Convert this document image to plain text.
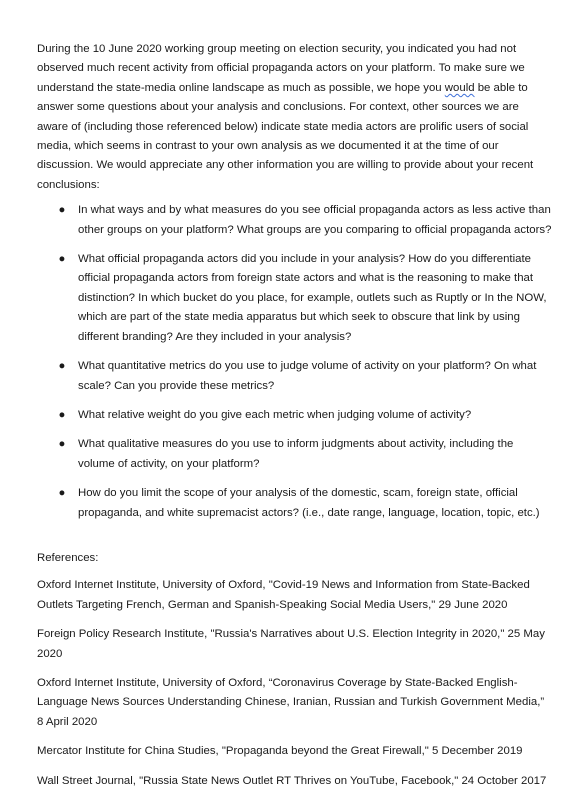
During the 10 June 2020 working group meeting on election security, you indicated you had not observed much recent activity from official propaganda actors on your platform. To make sure we understand the state-media online landscape as much as possible, we hope you would be able to answer some questions about your analysis and conclusions. For context, other sources we are aware of (including those referenced below) indicate state media actors are prolific users of social media, which seems in contrast to your own analysis as we documented it at the time of our discussion. We would appreciate any other information you are willing to provide about your recent conclusions:

● In what ways and by what measures do you see official propaganda actors as less active than other groups on your platform? What groups are you comparing to official propaganda actors?
● What official propaganda actors did you include in your analysis? How do you differentiate official propaganda actors from foreign state actors and what is the reasoning to make that distinction? In which bucket do you place, for example, outlets such as Ruptly or In the NOW, which are part of the state media apparatus but which seek to obscure that link by using different branding? Are they included in your analysis?
● What quantitative metrics do you use to judge volume of activity on your platform? On what scale? Can you provide these metrics?
● What relative weight do you give each metric when judging volume of activity?
● What qualitative measures do you use to inform judgments about activity, including the volume of activity, on your platform?
● How do you limit the scope of your analysis of the domestic, scam, foreign state, official propaganda, and white supremacist actors? (i.e., date range, language, location, topic, etc.)

References:

Oxford Internet Institute, University of Oxford, "Covid-19 News and Information from State-Backed Outlets Targeting French, German and Spanish-Speaking Social Media Users," 29 June 2020

Foreign Policy Research Institute, "Russia's Narratives about U.S. Election Integrity in 2020," 25 May 2020

Oxford Internet Institute, University of Oxford, “Coronavirus Coverage by State-Backed English-Language News Sources Understanding Chinese, Iranian, Russian and Turkish Government Media,” 8 April 2020

Mercator Institute for China Studies, "Propaganda beyond the Great Firewall," 5 December 2019

Wall Street Journal, "Russia State News Outlet RT Thrives on YouTube, Facebook," 24 October 2017
